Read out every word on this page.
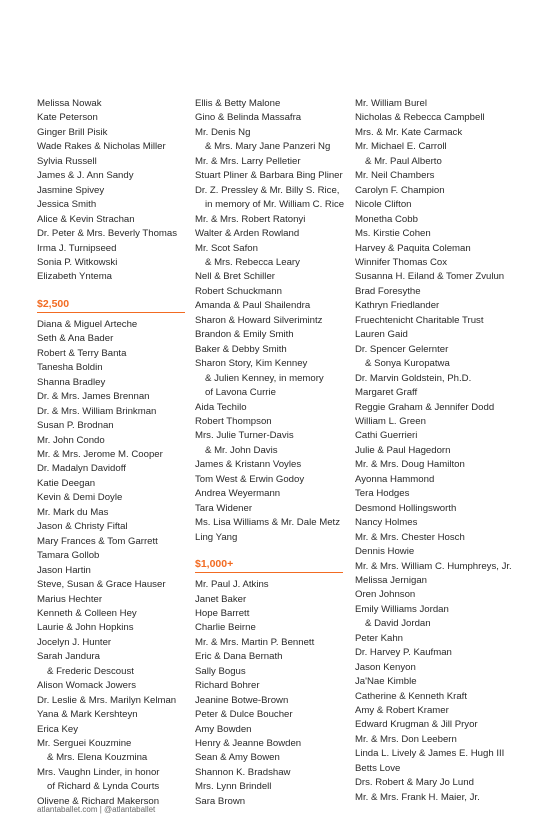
Melissa Nowak
Kate Peterson
Ginger Brill Pisik
Wade Rakes & Nicholas Miller
Sylvia Russell
James & J. Ann Sandy
Jasmine Spivey
Jessica Smith
Alice & Kevin Strachan
Dr. Peter & Mrs. Beverly Thomas
Irma J. Turnipseed
Sonia P. Witkowski
Elizabeth Yntema
$2,500
Diana & Miguel Arteche
Seth & Ana Bader
Robert & Terry Banta
Tanesha Boldin
Shanna Bradley
Dr. & Mrs. James Brennan
Dr. & Mrs. William Brinkman
Susan P. Brodnan
Mr. John Condo
Mr. & Mrs. Jerome M. Cooper
Dr. Madalyn Davidoff
Katie Deegan
Kevin & Demi Doyle
Mr. Mark du Mas
Jason & Christy Fiftal
Mary Frances & Tom Garrett
Tamara Gollob
Jason Hartin
Steve, Susan & Grace Hauser
Marius Hechter
Kenneth & Colleen Hey
Laurie & John Hopkins
Jocelyn J. Hunter
Sarah Jandura
& Frederic Descoust
Alison Womack Jowers
Dr. Leslie & Mrs. Marilyn Kelman
Yana & Mark Kershteyn
Erica Key
Mr. Serguei Kouzmine
& Mrs. Elena Kouzmina
Mrs. Vaughn Linder, in honor
of Richard & Lynda Courts
Olivene & Richard Makerson
Ellis & Betty Malone
Gino & Belinda Massafra
Mr. Denis Ng
& Mrs. Mary Jane Panzeri Ng
Mr. & Mrs. Larry Pelletier
Stuart Pliner & Barbara Bing Pliner
Dr. Z. Pressley & Mr. Billy S. Rice,
in memory of Mr. William C. Rice
Mr. & Mrs. Robert Ratonyi
Walter & Arden Rowland
Mr. Scot Safon
& Mrs. Rebecca Leary
Nell & Bret Schiller
Robert Schuckmann
Amanda & Paul Shailendra
Sharon & Howard Silverimintz
Brandon & Emily Smith
Baker & Debby Smith
Sharon Story, Kim Kenney
& Julien Kenney, in memory
of Lavona Currie
Aida Techilo
Robert Thompson
Mrs. Julie Turner-Davis
& Mr. John Davis
James & Kristann Voyles
Tom West & Erwin Godoy
Andrea Weyermann
Tara Widener
Ms. Lisa Williams & Mr. Dale Metz
Ling Yang
$1,000+
Mr. Paul J. Atkins
Janet Baker
Hope Barrett
Charlie Beirne
Mr. & Mrs. Martin P. Bennett
Eric & Dana Bernath
Sally Bogus
Richard Bohrer
Jeanine Botwe-Brown
Peter & Dulce Boucher
Amy Bowden
Henry & Jeanne Bowden
Sean & Amy Bowen
Shannon K. Bradshaw
Mrs. Lynn Brindell
Sara Brown
Mr. William Burel
Nicholas & Rebecca Campbell
Mrs. & Mr. Kate Carmack
Mr. Michael E. Carroll
& Mr. Paul Alberto
Mr. Neil Chambers
Carolyn F. Champion
Nicole Clifton
Monetha Cobb
Ms. Kirstie Cohen
Harvey & Paquita Coleman
Winnifer Thomas Cox
Susanna H. Eiland & Tomer Zvulun
Brad Foresythe
Kathryn Friedlander
Fruechtenicht Charitable Trust
Lauren Gaid
Dr. Spencer Gelernter
& Sonya Kuropatwa
Dr. Marvin Goldstein, Ph.D.
Margaret Graff
Reggie Graham & Jennifer Dodd
William L. Green
Cathi Guerrieri
Julie & Paul Hagedorn
Mr. & Mrs. Doug Hamilton
Ayonna Hammond
Tera Hodges
Desmond Hollingsworth
Nancy Holmes
Mr. & Mrs. Chester Hosch
Dennis Howie
Mr. & Mrs. William C. Humphreys, Jr.
Melissa Jernigan
Oren Johnson
Emily Williams Jordan
& David Jordan
Peter Kahn
Dr. Harvey P. Kaufman
Jason Kenyon
Ja'Nae Kimble
Catherine & Kenneth Kraft
Amy & Robert Kramer
Edward Krugman & Jill Pryor
Mr. & Mrs. Don Leebern
Linda L. Lively & James E. Hugh III
Betts Love
Drs. Robert & Mary Jo Lund
Mr. & Mrs. Frank H. Maier, Jr.
atlantaballet.com | @atlantaballet
